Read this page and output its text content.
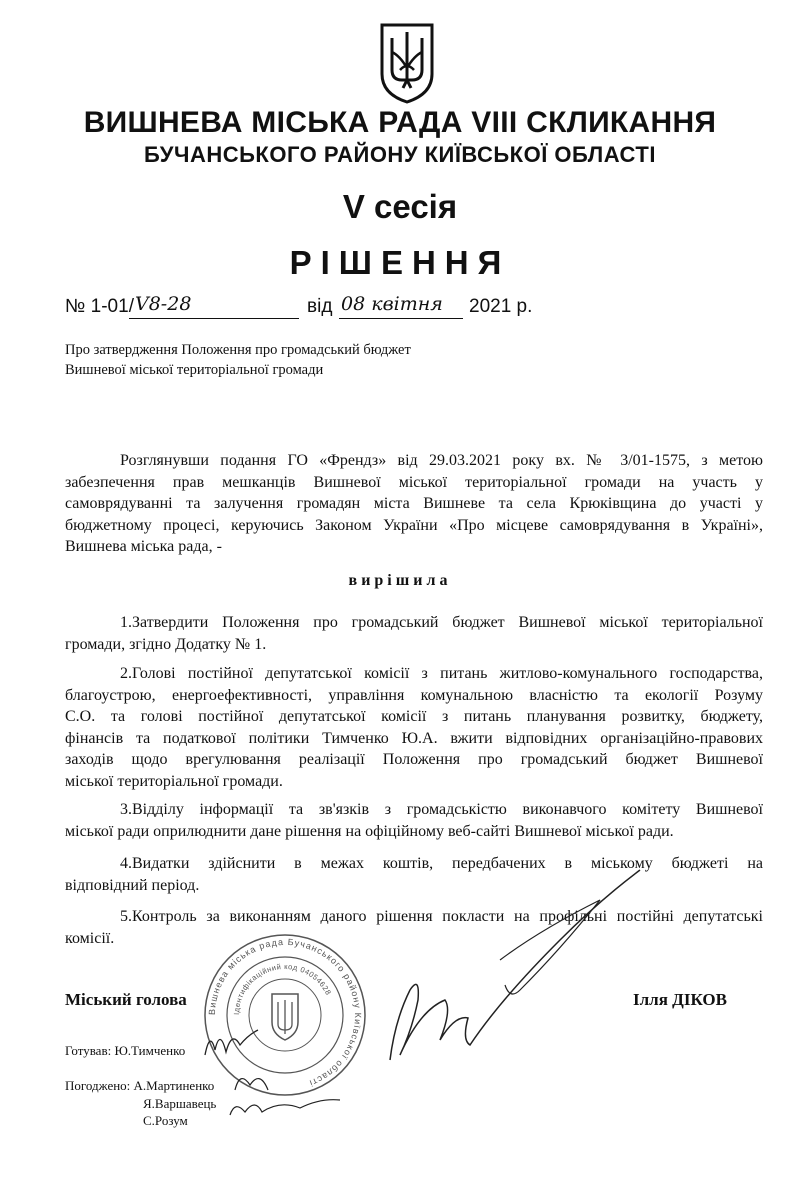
ВИШНЕВА МІСЬКА РАДА VIII СКЛИКАННЯ
БУЧАНСЬКОГО РАЙОНУ КИЇВСЬКОЇ ОБЛАСТІ
V сесія
РІШЕННЯ
№ 1-01/ V8-28	від 08 квітня 2021 р.
Про затвердження Положення про громадський бюджет
Вишневої міської територіальної громади
Розглянувши подання ГО «Френдз» від 29.03.2021 року вх. № 3/01-1575, з метою
забезпечення прав мешканців Вишневої міської територіальної громади на участь у
самоврядуванні та залучення громадян міста Вишневе та села Крюківщина до участі у
бюджетному процесі, керуючись Законом України «Про місцеве самоврядування в Україні»,
Вишнева міська рада, -
вирішила
1.Затвердити Положення про громадський бюджет Вишневої міської територіальної
громади, згідно Додатку № 1.
2.Голові постійної депутатської комісії з питань житлово-комунального господарства,
благоустрою, енергоефективності, управління комунальною власністю та екології Розуму
С.О. та голові постійної депутатської комісії з питань планування розвитку, бюджету,
фінансів та податкової політики Тимченко Ю.А. вжити відповідних організаційно-правових
заходів щодо врегулювання реалізації Положення про громадський бюджет Вишневої
міської територіальної громади.
3.Відділу інформації та зв'язків з громадськістю виконавчого комітету Вишневої
міської ради оприлюднити дане рішення на офіційному веб-сайті Вишневої міської ради.
4.Видатки здійснити в межах коштів, передбачених в міському бюджеті на
відповідний період.
5.Контроль за виконанням даного рішення покласти на профільні постійні депутатські
комісії.
Вишнева міська рада Бучанського району Київської області
Ідентифікаційний код 04054628
Міський голова	Ілля ДІКОВ
Готував: Ю.Тимченко
Погоджено: А.Мартиненко
Я.Варшавець
С.Розум
